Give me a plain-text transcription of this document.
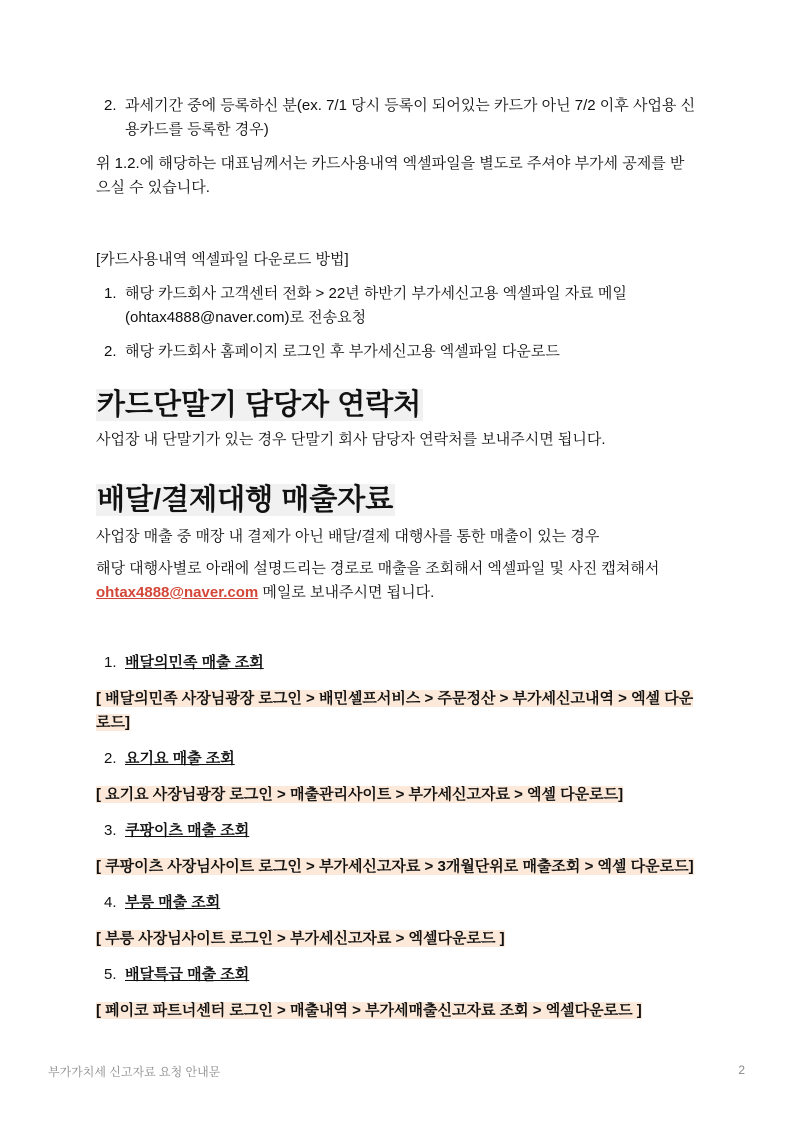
2. 과세기간 중에 등록하신 분(ex. 7/1 당시 등록이 되어있는 카드가 아닌 7/2 이후 사업용 신용카드를 등록한 경우)

위 1.2.에 해당하는 대표님께서는 카드사용내역 엑셀파일을 별도로 주셔야 부가세 공제를 받으실 수 있습니다.

[카드사용내역 엑셀파일 다운로드 방법]

1. 해당 카드회사 고객센터 전화 > 22년 하반기 부가세신고용 엑셀파일 자료 메일 (ohtax4888@naver.com)로 전송요청
2. 해당 카드회사 홈페이지 로그인 후 부가세신고용 엑셀파일 다운로드
카드단말기 담당자 연락처

사업장 내 단말기가 있는 경우 단말기 회사 담당자 연락처를 보내주시면 됩니다.

배달/결제대행 매출자료

사업장 매출 중 매장 내 결제가 아닌 배달/결제 대행사를 통한 매출이 있는 경우

해당 대행사별로 아래에 설명드리는 경로로 매출을 조회해서 엑셀파일 및 사진 캡쳐해서
ohtax4888@naver.com 메일로 보내주시면 됩니다.

1. 배달의민족 매출 조회

[ 배달의민족 사장님광장 로그인 > 배민셀프서비스 > 주문정산 > 부가세신고내역 > 엑셀 다운로드]

2. 요기요 매출 조회

[ 요기요 사장님광장 로그인 > 매출관리사이트 > 부가세신고자료 > 엑셀 다운로드]

3. 쿠팡이츠 매출 조회

[ 쿠팡이츠 사장님사이트 로그인 > 부가세신고자료 > 3개월단위로 매출조회 > 엑셀 다운로드]

4. 부릉 매출 조회

[ 부릉 사장님사이트 로그인 > 부가세신고자료 > 엑셀다운로드 ]

5. 배달특급 매출 조회

[ 페이코 파트너센터 로그인 > 매출내역 > 부가세매출신고자료 조회 > 엑셀다운로드 ]

부가가치세 신고자료 요청 안내문	2
